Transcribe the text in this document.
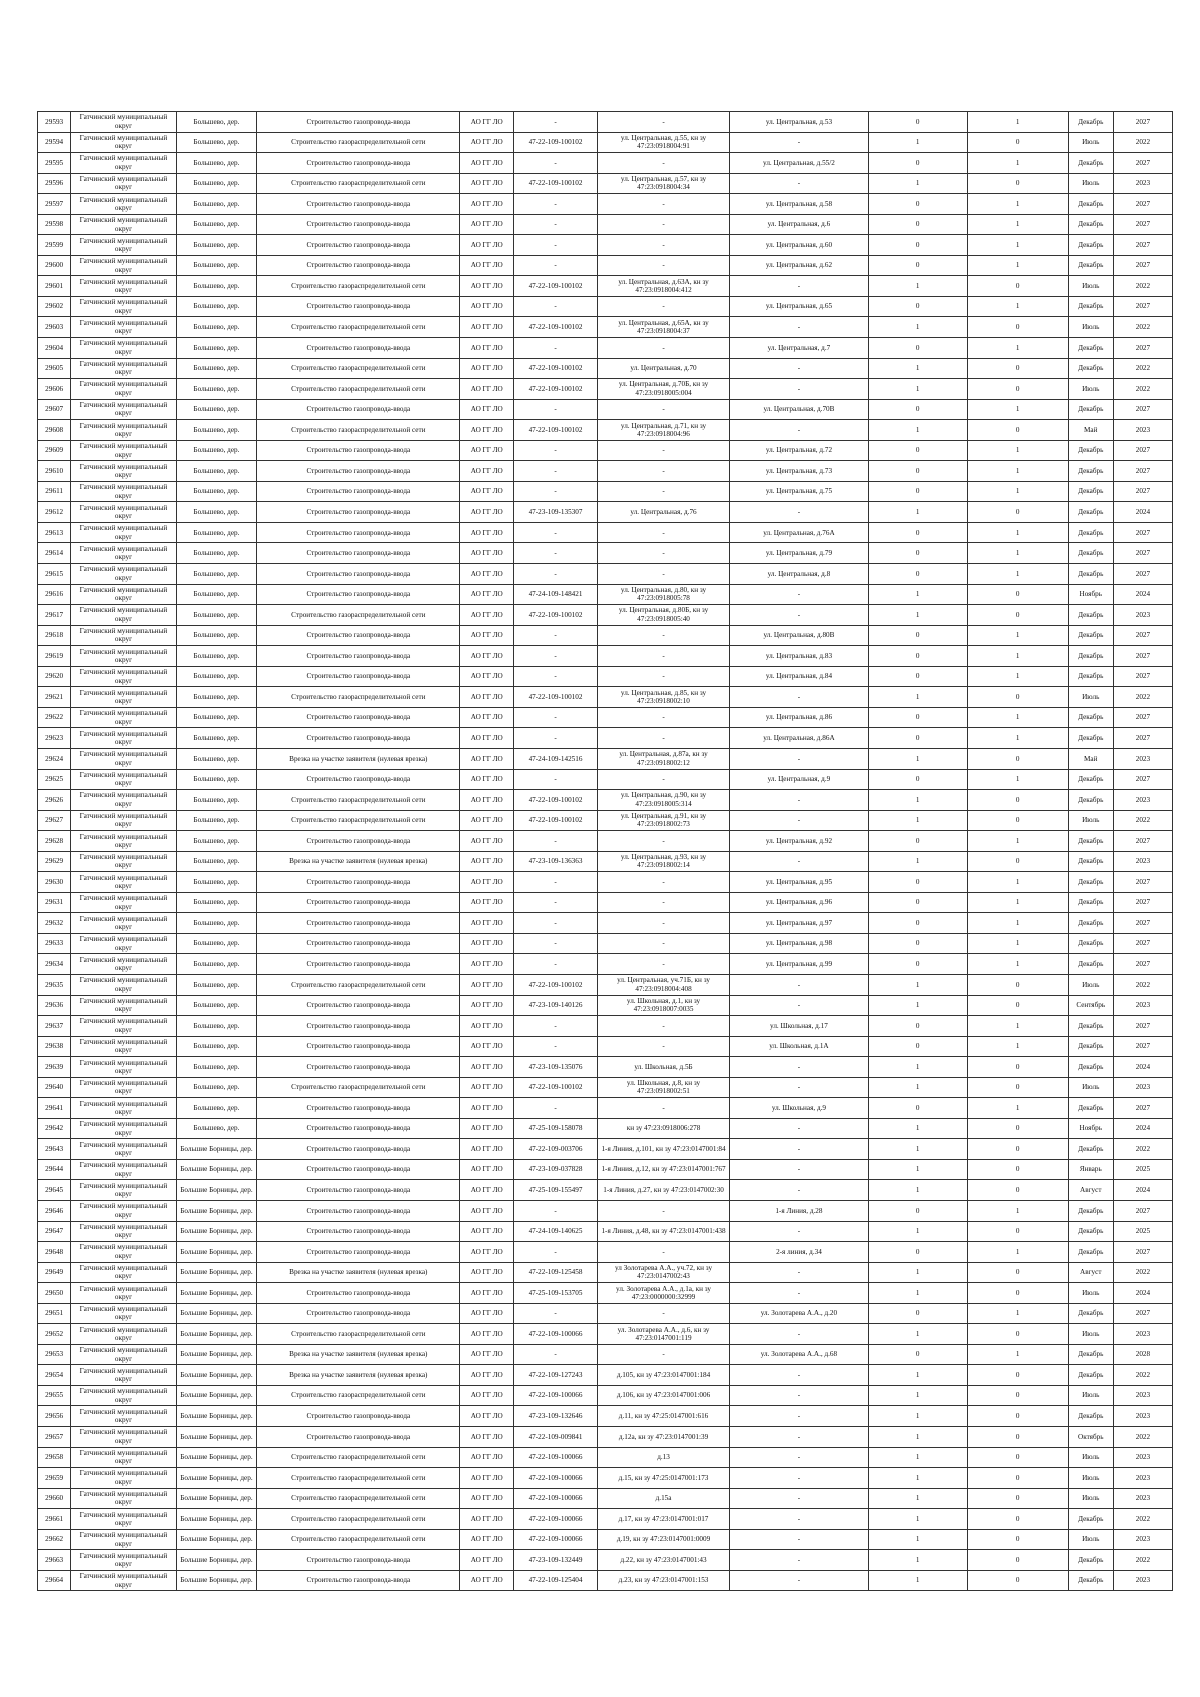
29593	Гатчинский муниципальный округ	Большево, дер.	Строительство газопровода-ввода	АО ГГ ЛО	-	-	ул. Центральная, д.53	0	1	Декабрь	2027
29594	Гатчинский муниципальный округ	Большево, дер.	Строительство газораспределительной сети	АО ГГ ЛО	47-22-109-100102	ул. Центральная, д.55, кн зу 47:23:0918004:91	-	1	0	Июль	2022
29595	Гатчинский муниципальный округ	Большево, дер.	Строительство газопровода-ввода	АО ГГ ЛО	-	-	ул. Центральная, д.55/2	0	1	Декабрь	2027
29596	Гатчинский муниципальный округ	Большево, дер.	Строительство газораспределительной сети	АО ГГ ЛО	47-22-109-100102	ул. Центральная, д.57, кн зу 47:23:0918004:34	-	1	0	Июль	2023
29597	Гатчинский муниципальный округ	Большево, дер.	Строительство газопровода-ввода	АО ГГ ЛО	-	-	ул. Центральная, д.58	0	1	Декабрь	2027
29598	Гатчинский муниципальный округ	Большево, дер.	Строительство газопровода-ввода	АО ГГ ЛО	-	-	ул. Центральная, д.6	0	1	Декабрь	2027
29599	Гатчинский муниципальный округ	Большево, дер.	Строительство газопровода-ввода	АО ГГ ЛО	-	-	ул. Центральная, д.60	0	1	Декабрь	2027
29600	Гатчинский муниципальный округ	Большево, дер.	Строительство газопровода-ввода	АО ГГ ЛО	-	-	ул. Центральная, д.62	0	1	Декабрь	2027
29601	Гатчинский муниципальный округ	Большево, дер.	Строительство газораспределительной сети	АО ГГ ЛО	47-22-109-100102	ул. Центральная, д.63А, кн зу 47:23:0918004:412	-	1	0	Июль	2022
29602	Гатчинский муниципальный округ	Большево, дер.	Строительство газопровода-ввода	АО ГГ ЛО	-	-	ул. Центральная, д.65	0	1	Декабрь	2027
29603	Гатчинский муниципальный округ	Большево, дер.	Строительство газораспределительной сети	АО ГГ ЛО	47-22-109-100102	ул. Центральная, д.65А, кн зу 47:23:0918004:37	-	1	0	Июль	2022
29604	Гатчинский муниципальный округ	Большево, дер.	Строительство газопровода-ввода	АО ГГ ЛО	-	-	ул. Центральная, д.7	0	1	Декабрь	2027
29605	Гатчинский муниципальный округ	Большево, дер.	Строительство газораспределительной сети	АО ГГ ЛО	47-22-109-100102	ул. Центральная, д.70	-	1	0	Декабрь	2022
29606	Гатчинский муниципальный округ	Большево, дер.	Строительство газораспределительной сети	АО ГГ ЛО	47-22-109-100102	ул. Центральная, д.70Б, кн зу 47:23:0918005:004	-	1	0	Июль	2022
29607	Гатчинский муниципальный округ	Большево, дер.	Строительство газопровода-ввода	АО ГГ ЛО	-	-	ул. Центральная, д.70В	0	1	Декабрь	2027
29608	Гатчинский муниципальный округ	Большево, дер.	Строительство газораспределительной сети	АО ГГ ЛО	47-22-109-100102	ул. Центральная, д.71, кн зу 47:23:0918004:96	-	1	0	Май	2023
29609	Гатчинский муниципальный округ	Большево, дер.	Строительство газопровода-ввода	АО ГГ ЛО	-	-	ул. Центральная, д.72	0	1	Декабрь	2027
29610	Гатчинский муниципальный округ	Большево, дер.	Строительство газопровода-ввода	АО ГГ ЛО	-	-	ул. Центральная, д.73	0	1	Декабрь	2027
29611	Гатчинский муниципальный округ	Большево, дер.	Строительство газопровода-ввода	АО ГГ ЛО	-	-	ул. Центральная, д.75	0	1	Декабрь	2027
29612	Гатчинский муниципальный округ	Большево, дер.	Строительство газопровода-ввода	АО ГГ ЛО	47-23-109-135307	ул. Центральная, д.76	-	1	0	Декабрь	2024
29613	Гатчинский муниципальный округ	Большево, дер.	Строительство газопровода-ввода	АО ГГ ЛО	-	-	ул. Центральная, д.76А	0	1	Декабрь	2027
29614	Гатчинский муниципальный округ	Большево, дер.	Строительство газопровода-ввода	АО ГГ ЛО	-	-	ул. Центральная, д.79	0	1	Декабрь	2027
29615	Гатчинский муниципальный округ	Большево, дер.	Строительство газопровода-ввода	АО ГГ ЛО	-	-	ул. Центральная, д.8	0	1	Декабрь	2027
29616	Гатчинский муниципальный округ	Большево, дер.	Строительство газопровода-ввода	АО ГГ ЛО	47-24-109-148421	ул. Центральная, д.80, кн зу 47:23:0918005:78	-	1	0	Ноябрь	2024
29617	Гатчинский муниципальный округ	Большево, дер.	Строительство газораспределительной сети	АО ГГ ЛО	47-22-109-100102	ул. Центральная, д.80Б, кн зу 47:23:0918005:40	-	1	0	Декабрь	2023
29618	Гатчинский муниципальный округ	Большево, дер.	Строительство газопровода-ввода	АО ГГ ЛО	-	-	ул. Центральная, д.80В	0	1	Декабрь	2027
29619	Гатчинский муниципальный округ	Большево, дер.	Строительство газопровода-ввода	АО ГГ ЛО	-	-	ул. Центральная, д.83	0	1	Декабрь	2027
29620	Гатчинский муниципальный округ	Большево, дер.	Строительство газопровода-ввода	АО ГГ ЛО	-	-	ул. Центральная, д.84	0	1	Декабрь	2027
29621	Гатчинский муниципальный округ	Большево, дер.	Строительство газораспределительной сети	АО ГГ ЛО	47-22-109-100102	ул. Центральная, д.85, кн зу 47:23:0918002:10	-	1	0	Июль	2022
29622	Гатчинский муниципальный округ	Большево, дер.	Строительство газопровода-ввода	АО ГГ ЛО	-	-	ул. Центральная, д.86	0	1	Декабрь	2027
29623	Гатчинский муниципальный округ	Большево, дер.	Строительство газопровода-ввода	АО ГГ ЛО	-	-	ул. Центральная, д.86А	0	1	Декабрь	2027
29624	Гатчинский муниципальный округ	Большево, дер.	Врезка на участке заявителя (нулевая врезка)	АО ГГ ЛО	47-24-109-142516	ул. Центральная, д.87а, кн зу 47:23:0918002:12	-	1	0	Май	2023
29625	Гатчинский муниципальный округ	Большево, дер.	Строительство газопровода-ввода	АО ГГ ЛО	-	-	ул. Центральная, д.9	0	1	Декабрь	2027
29626	Гатчинский муниципальный округ	Большево, дер.	Строительство газораспределительной сети	АО ГГ ЛО	47-22-109-100102	ул. Центральная, д.90, кн зу 47:23:0918005:314	-	1	0	Декабрь	2023
29627	Гатчинский муниципальный округ	Большево, дер.	Строительство газораспределительной сети	АО ГГ ЛО	47-22-109-100102	ул. Центральная, д.91, кн зу 47:23:0918002:73	-	1	0	Июль	2022
29628	Гатчинский муниципальный округ	Большево, дер.	Строительство газопровода-ввода	АО ГГ ЛО	-	-	ул. Центральная, д.92	0	1	Декабрь	2027
29629	Гатчинский муниципальный округ	Большево, дер.	Врезка на участке заявителя (нулевая врезка)	АО ГГ ЛО	47-23-109-136363	ул. Центральная, д.93, кн зу 47:23:0918002:14	-	1	0	Декабрь	2023
29630	Гатчинский муниципальный округ	Большево, дер.	Строительство газопровода-ввода	АО ГГ ЛО	-	-	ул. Центральная, д.95	0	1	Декабрь	2027
29631	Гатчинский муниципальный округ	Большево, дер.	Строительство газопровода-ввода	АО ГГ ЛО	-	-	ул. Центральная, д.96	0	1	Декабрь	2027
29632	Гатчинский муниципальный округ	Большево, дер.	Строительство газопровода-ввода	АО ГГ ЛО	-	-	ул. Центральная, д.97	0	1	Декабрь	2027
29633	Гатчинский муниципальный округ	Большево, дер.	Строительство газопровода-ввода	АО ГГ ЛО	-	-	ул. Центральная, д.98	0	1	Декабрь	2027
29634	Гатчинский муниципальный округ	Большево, дер.	Строительство газопровода-ввода	АО ГГ ЛО	-	-	ул. Центральная, д.99	0	1	Декабрь	2027
29635	Гатчинский муниципальный округ	Большево, дер.	Строительство газораспределительной сети	АО ГГ ЛО	47-22-109-100102	ул. Центральная, уч.71Б, кн зу 47:23:0918004:408	-	1	0	Июль	2022
29636	Гатчинский муниципальный округ	Большево, дер.	Строительство газопровода-ввода	АО ГГ ЛО	47-23-109-140126	ул. Школьная, д.1, кн зу 47:23:0918007:0035	-	1	0	Сентябрь	2023
29637	Гатчинский муниципальный округ	Большево, дер.	Строительство газопровода-ввода	АО ГГ ЛО	-	-	ул. Школьная, д.17	0	1	Декабрь	2027
29638	Гатчинский муниципальный округ	Большево, дер.	Строительство газопровода-ввода	АО ГГ ЛО	-	-	ул. Школьная, д.1А	0	1	Декабрь	2027
29639	Гатчинский муниципальный округ	Большево, дер.	Строительство газопровода-ввода	АО ГГ ЛО	47-23-109-135076	ул. Школьная, д.5Б	-	1	0	Декабрь	2024
29640	Гатчинский муниципальный округ	Большево, дер.	Строительство газораспределительной сети	АО ГГ ЛО	47-22-109-100102	ул. Школьная, д.8, кн зу 47:23:0918002:51	-	1	0	Июль	2023
29641	Гатчинский муниципальный округ	Большево, дер.	Строительство газопровода-ввода	АО ГГ ЛО	-	-	ул. Школьная, д.9	0	1	Декабрь	2027
29642	Гатчинский муниципальный округ	Большево, дер.	Строительство газопровода-ввода	АО ГГ ЛО	47-25-109-158078	кн зу 47:23:0918006:278	-	1	0	Ноябрь	2024
29643	Гатчинский муниципальный округ	Большие Борницы, дер.	Строительство газопровода-ввода	АО ГГ ЛО	47-22-109-003706	1-я Линия, д.101, кн зу 47:23:0147001:84	-	1	0	Декабрь	2022
29644	Гатчинский муниципальный округ	Большие Борницы, дер.	Строительство газопровода-ввода	АО ГГ ЛО	47-23-109-037828	1-я Линия, д.12, кн зу 47:23:0147001:767	-	1	0	Январь	2025
29645	Гатчинский муниципальный округ	Большие Борницы, дер.	Строительство газопровода-ввода	АО ГГ ЛО	47-25-109-155497	1-я Линия, д.27, кн зу 47:23:0147002:30	-	1	0	Август	2024
29646	Гатчинский муниципальный округ	Большие Борницы, дер.	Строительство газопровода-ввода	АО ГГ ЛО	-	-	1-я Линия, д.28	0	1	Декабрь	2027
29647	Гатчинский муниципальный округ	Большие Борницы, дер.	Строительство газопровода-ввода	АО ГГ ЛО	47-24-109-140625	1-я Линия, д.48, кн зу 47:23:0147001:438	-	1	0	Декабрь	2025
29648	Гатчинский муниципальный округ	Большие Борницы, дер.	Строительство газопровода-ввода	АО ГГ ЛО	-	-	2-я линия, д.34	0	1	Декабрь	2027
29649	Гатчинский муниципальный округ	Большие Борницы, дер.	Врезка на участке заявителя (нулевая врезка)	АО ГГ ЛО	47-22-109-125458	ул Золотарева А.А., уч.72, кн зу 47:23:0147002:43	-	1	0	Август	2022
29650	Гатчинский муниципальный округ	Большие Борницы, дер.	Строительство газопровода-ввода	АО ГГ ЛО	47-25-109-153705	ул. Золотарева А.А., д.1а, кн зу 47:23:0000000:32999	-	1	0	Июль	2024
29651	Гатчинский муниципальный округ	Большие Борницы, дер.	Строительство газопровода-ввода	АО ГГ ЛО	-	-	ул. Золотарева А.А., д.20	0	1	Декабрь	2027
29652	Гатчинский муниципальный округ	Большие Борницы, дер.	Строительство газораспределительной сети	АО ГГ ЛО	47-22-109-100066	ул. Золотарева А.А., д.6, кн зу 47:23:0147001:119	-	1	0	Июль	2023
29653	Гатчинский муниципальный округ	Большие Борницы, дер.	Врезка на участке заявителя (нулевая врезка)	АО ГГ ЛО	-	-	ул. Золотарева А.А., д.68	0	1	Декабрь	2028
29654	Гатчинский муниципальный округ	Большие Борницы, дер.	Врезка на участке заявителя (нулевая врезка)	АО ГГ ЛО	47-22-109-127243	д.105, кн зу 47:23:0147001:184	-	1	0	Декабрь	2022
29655	Гатчинский муниципальный округ	Большие Борницы, дер.	Строительство газораспределительной сети	АО ГГ ЛО	47-22-109-100066	д.106, кн зу 47:23:0147001:006	-	1	0	Июль	2023
29656	Гатчинский муниципальный округ	Большие Борницы, дер.	Строительство газопровода-ввода	АО ГГ ЛО	47-23-109-132646	д.11, кн зу 47:25:0147001:616	-	1	0	Декабрь	2023
29657	Гатчинский муниципальный округ	Большие Борницы, дер.	Строительство газопровода-ввода	АО ГГ ЛО	47-22-109-009841	д.12а, кн зу 47:23:0147001:39	-	1	0	Октябрь	2022
29658	Гатчинский муниципальный округ	Большие Борницы, дер.	Строительство газораспределительной сети	АО ГГ ЛО	47-22-109-100066	д.13	-	1	0	Июль	2023
29659	Гатчинский муниципальный округ	Большие Борницы, дер.	Строительство газораспределительной сети	АО ГГ ЛО	47-22-109-100066	д.15, кн зу 47:25:0147001:173	-	1	0	Июль	2023
29660	Гатчинский муниципальный округ	Большие Борницы, дер.	Строительство газораспределительной сети	АО ГГ ЛО	47-22-109-100066	д.15а	-	1	0	Июль	2023
29661	Гатчинский муниципальный округ	Большие Борницы, дер.	Строительство газораспределительной сети	АО ГГ ЛО	47-22-109-100066	д.17, кн зу 47:23:0147001:017	-	1	0	Декабрь	2022
29662	Гатчинский муниципальный округ	Большие Борницы, дер.	Строительство газораспределительной сети	АО ГГ ЛО	47-22-109-100066	д.19, кн зу 47:23:0147001:0009	-	1	0	Июль	2023
29663	Гатчинский муниципальный округ	Большие Борницы, дер.	Строительство газопровода-ввода	АО ГГ ЛО	47-23-109-132449	д.22, кн зу 47:23:0147001:43	-	1	0	Декабрь	2022
29664	Гатчинский муниципальный округ	Большие Борницы, дер.	Строительство газопровода-ввода	АО ГГ ЛО	47-22-109-125404	д.23, кн зу 47:23:0147001:153	-	1	0	Декабрь	2023
